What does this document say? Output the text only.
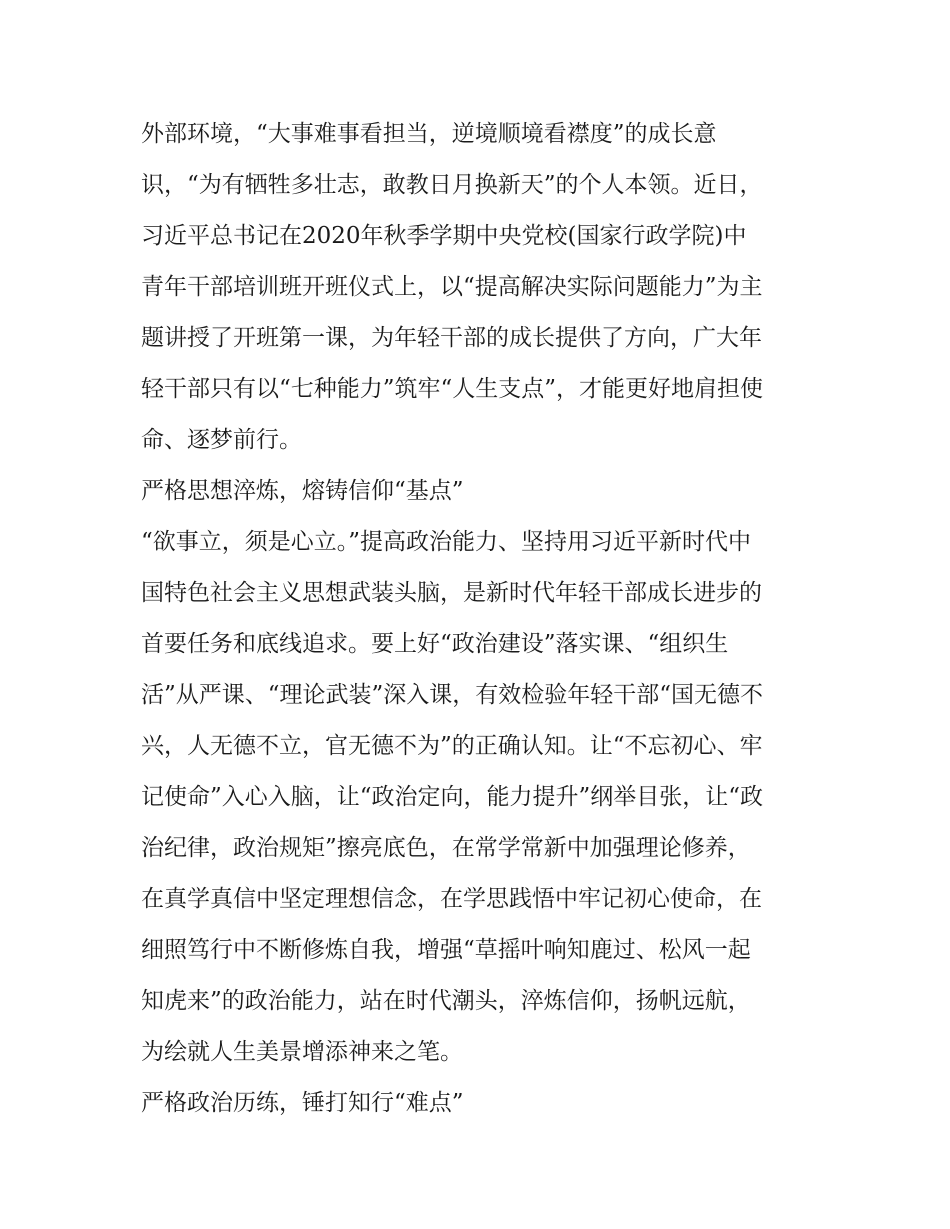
外部环境，“大事难事看担当，逆境顺境看襟度”的成长意

识，“为有牺牲多壮志，敢教日月换新天”的个人本领。近日，

习近平总书记在2020年秋季学期中央党校(国家行政学院)中

青年干部培训班开班仪式上，以“提高解决实际问题能力”为主

题讲授了开班第一课，为年轻干部的成长提供了方向，广大年

轻干部只有以“七种能力”筑牢“人生支点”，才能更好地肩担使

命、逐梦前行。

严格思想淬炼，熔铸信仰“基点”

“欲事立，须是心立。”提高政治能力、坚持用习近平新时代中

国特色社会主义思想武装头脑，是新时代年轻干部成长进步的

首要任务和底线追求。要上好“政治建设”落实课、“组织生

活”从严课、“理论武装”深入课，有效检验年轻干部“国无德不

兴，人无德不立，官无德不为”的正确认知。让“不忘初心、牢

记使命”入心入脑，让“政治定向，能力提升”纲举目张，让“政

治纪律，政治规矩”擦亮底色，在常学常新中加强理论修养，

在真学真信中坚定理想信念，在学思践悟中牢记初心使命，在

细照笃行中不断修炼自我，增强“草摇叶响知鹿过、松风一起

知虎来”的政治能力，站在时代潮头，淬炼信仰，扬帆远航，

为绘就人生美景增添神来之笔。

严格政治历练，锤打知行“难点”
